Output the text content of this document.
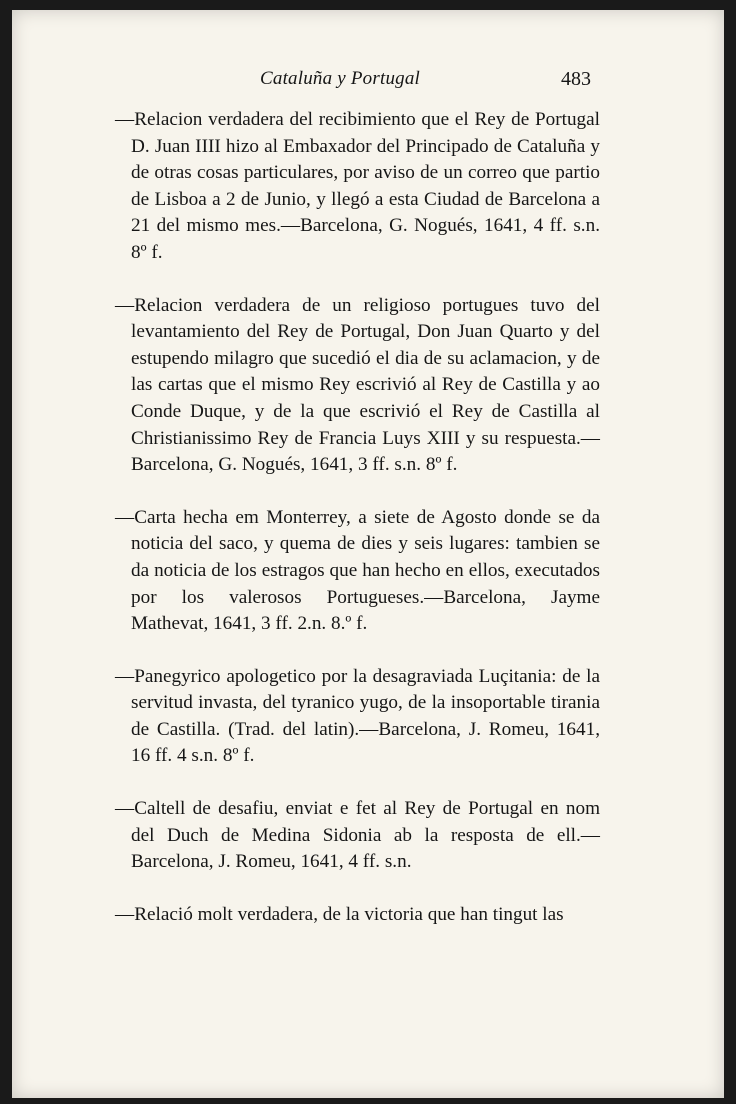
Cataluña y Portugal	483

—Relacion verdadera del recibimiento que el Rey de Portugal D. Juan IIII hizo al Embaxador del Principado de Cataluña y de otras cosas particulares, por aviso de un correo que partio de Lisboa a 2 de Junio, y llegó a esta Ciudad de Barcelona a 21 del mismo mes.—Barcelona, G. Nogués, 1641, 4 ff. s.n. 8º f.

—Relacion verdadera de un religioso portugues tuvo del levantamiento del Rey de Portugal, Don Juan Quarto y del estupendo milagro que sucedió el dia de su aclamacion, y de las cartas que el mismo Rey escrivió al Rey de Castilla y ao Conde Duque, y de la que escrivió el Rey de Castilla al Christianissimo Rey de Francia Luys XIII y su respuesta.—Barcelona, G. Nogués, 1641, 3 ff. s.n. 8º f.

—Carta hecha em Monterrey, a siete de Agosto donde se da noticia del saco, y quema de dies y seis lugares: tambien se da noticia de los estragos que han hecho en ellos, executados por los valerosos Portugueses.—Barcelona, Jayme Mathevat, 1641, 3 ff. 2.n. 8.º f.

—Panegyrico apologetico por la desagraviada Luçitania: de la servitud invasta, del tyranico yugo, de la insoportable tirania de Castilla. (Trad. del latin).—Barcelona, J. Romeu, 1641, 16 ff. 4 s.n. 8º f.

—Caltell de desafiu, enviat e fet al Rey de Portugal en nom del Duch de Medina Sidonia ab la resposta de ell.—Barcelona, J. Romeu, 1641, 4 ff. s.n.

—Relació molt verdadera, de la victoria que han tingut las
